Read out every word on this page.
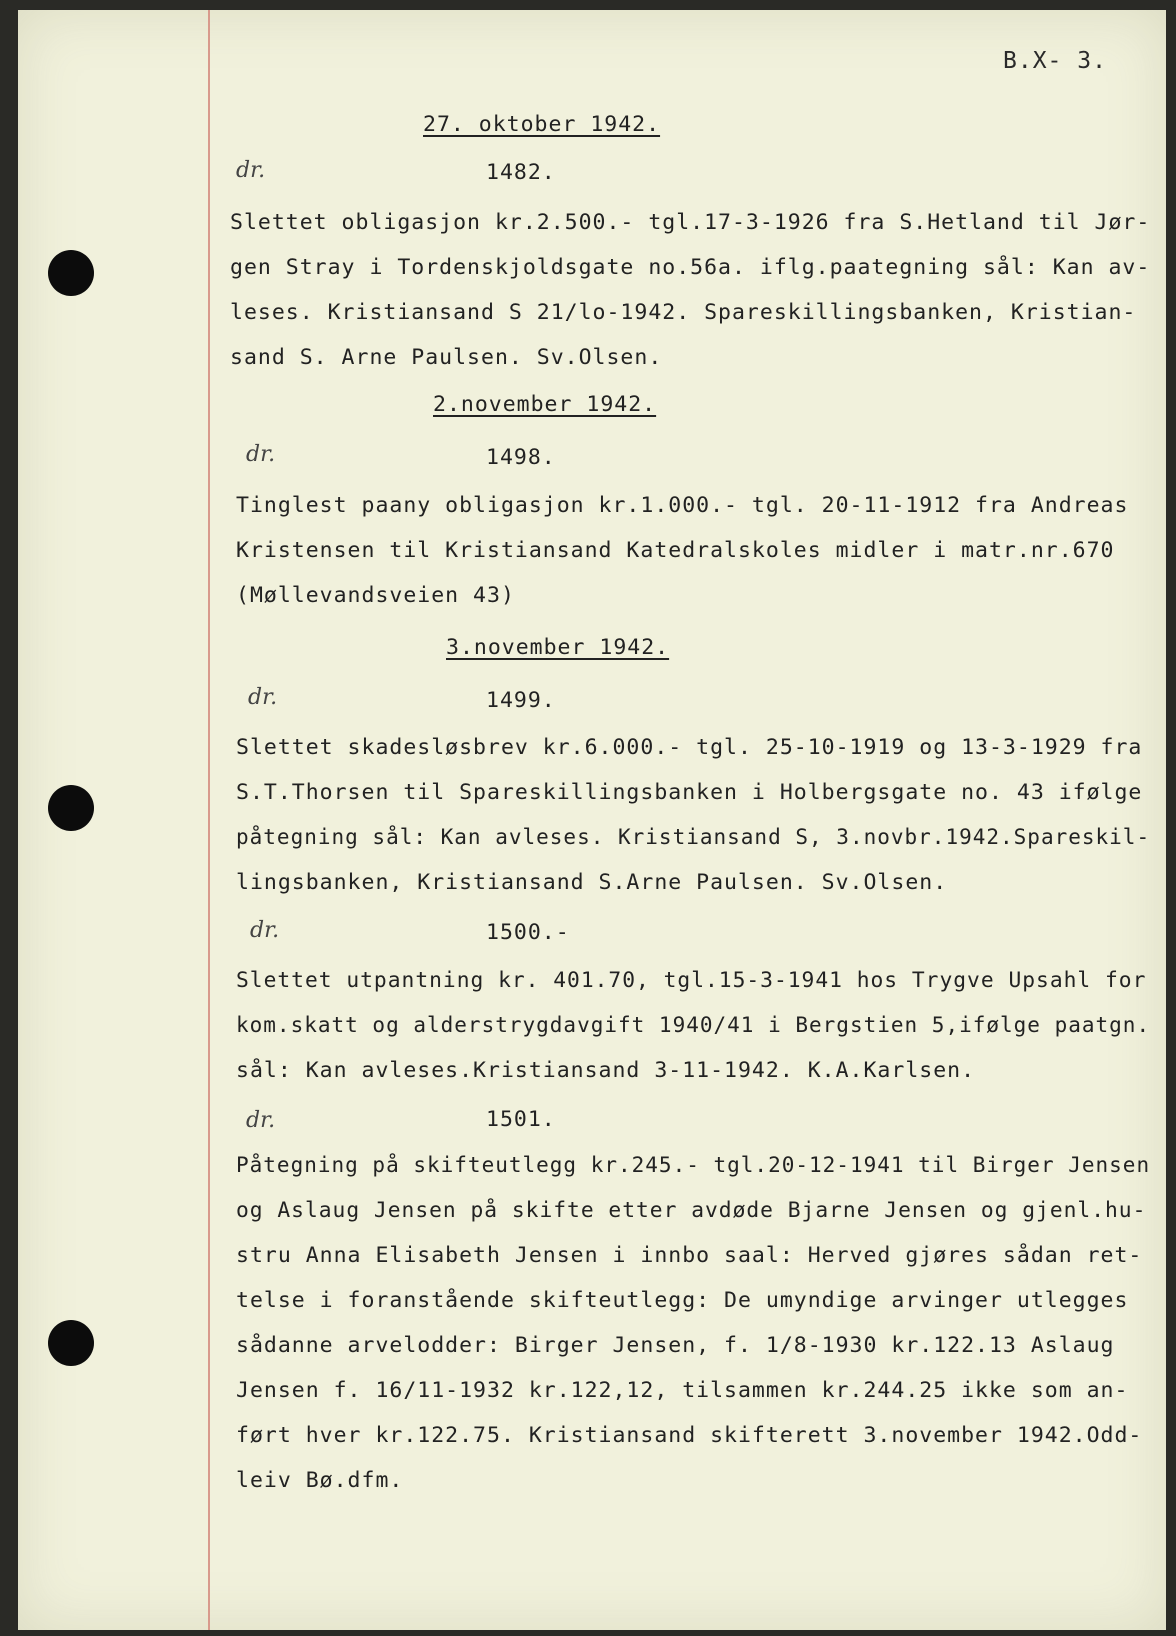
B.X- 3.
27. oktober 1942.
dr.	1482.
Slettet obligasjon kr.2.500.- tgl.17-3-1926 fra S.Hetland til Jør-
gen Stray i Tordenskjoldsgate no.56a. iflg.paategning sål: Kan av-
leses. Kristiansand S 21/lo-1942. Spareskillingsbanken, Kristian-
sand S. Arne Paulsen. Sv.Olsen.
2.november 1942.
dr.	1498.
Tinglest paany obligasjon kr.1.000.- tgl. 20-11-1912 fra Andreas
Kristensen til Kristiansand Katedralskoles midler i matr.nr.670
(Møllevandsveien 43)
3.november 1942.
dr.	1499.
Slettet skadesløsbrev kr.6.000.- tgl. 25-10-1919 og 13-3-1929 fra
S.T.Thorsen til Spareskillingsbanken i Holbergsgate no. 43 ifølge
påtegning sål: Kan avleses. Kristiansand S, 3.novbr.1942.Spareskil-
lingsbanken, Kristiansand S.Arne Paulsen. Sv.Olsen.
dr.	1500.-
Slettet utpantning kr. 401.70, tgl.15-3-1941 hos Trygve Upsahl for
kom.skatt og alderstrygdavgift 1940/41 i Bergstien 5,ifølge paatgn.
sål: Kan avleses.Kristiansand 3-11-1942. K.A.Karlsen.
dr.	1501.
Påtegning på skifteutlegg kr.245.- tgl.20-12-1941 til Birger Jensen
og Aslaug Jensen på skifte etter avdøde Bjarne Jensen og gjenl.hu-
stru Anna Elisabeth Jensen i innbo saal: Herved gjøres sådan ret-
telse i foranstående skifteutlegg: De umyndige arvinger utlegges
sådanne arvelodder: Birger Jensen, f. 1/8-1930 kr.122.13 Aslaug
Jensen f. 16/11-1932 kr.122,12, tilsammen kr.244.25 ikke som an-
ført hver kr.122.75. Kristiansand skifterett 3.november 1942.Odd-
leiv Bø.dfm.
